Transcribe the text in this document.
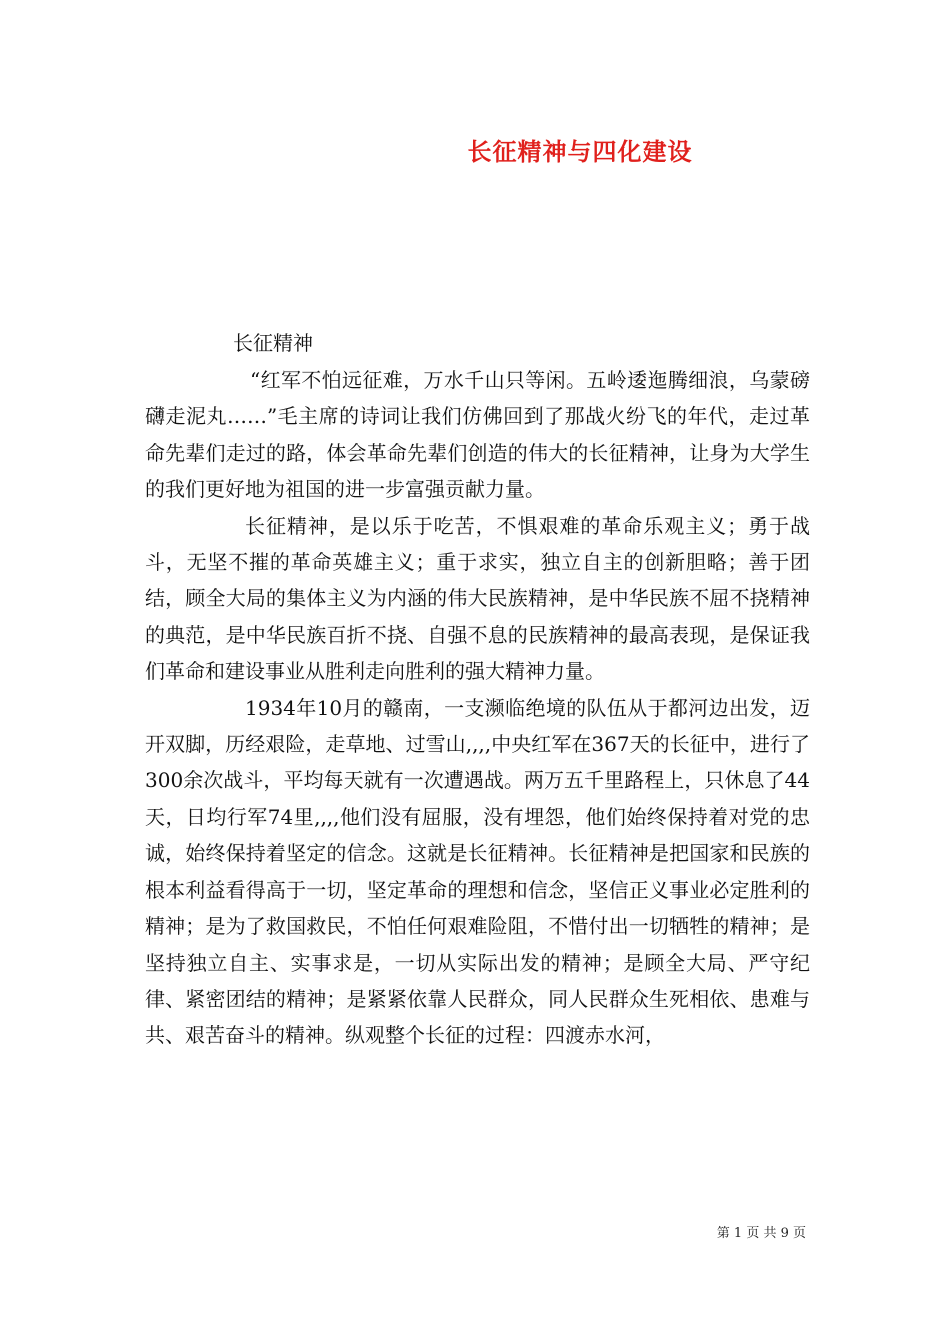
长征精神与四化建设

长征精神

“红军不怕远征难，万水千山只等闲。五岭逶迤腾细浪，乌蒙磅礴走泥丸……”毛主席的诗词让我们仿佛回到了那战火纷飞的年代，走过革命先辈们走过的路，体会革命先辈们创造的伟大的长征精神，让身为大学生的我们更好地为祖国的进一步富强贡献力量。

长征精神，是以乐于吃苦，不惧艰难的革命乐观主义；勇于战斗，无坚不摧的革命英雄主义；重于求实，独立自主的创新胆略；善于团结，顾全大局的集体主义为内涵的伟大民族精神，是中华民族不屈不挠精神的典范，是中华民族百折不挠、自强不息的民族精神的最高表现，是保证我们革命和建设事业从胜利走向胜利的强大精神力量。

1934年10月的赣南，一支濒临绝境的队伍从于都河边出发，迈开双脚，历经艰险，走草地、过雪山,,,,中央红军在367天的长征中，进行了300余次战斗，平均每天就有一次遭遇战。两万五千里路程上，只休息了44天，日均行军74里,,,,他们没有屈服，没有埋怨，他们始终保持着对党的忠诚，始终保持着坚定的信念。这就是长征精神。长征精神是把国家和民族的根本利益看得高于一切，坚定革命的理想和信念，坚信正义事业必定胜利的精神；是为了救国救民，不怕任何艰难险阻，不惜付出一切牺牲的精神；是坚持独立自主、实事求是，一切从实际出发的精神；是顾全大局、严守纪律、紧密团结的精神；是紧紧依靠人民群众，同人民群众生死相依、患难与共、艰苦奋斗的精神。纵观整个长征的过程：四渡赤水河，

第 1 页 共 9 页
